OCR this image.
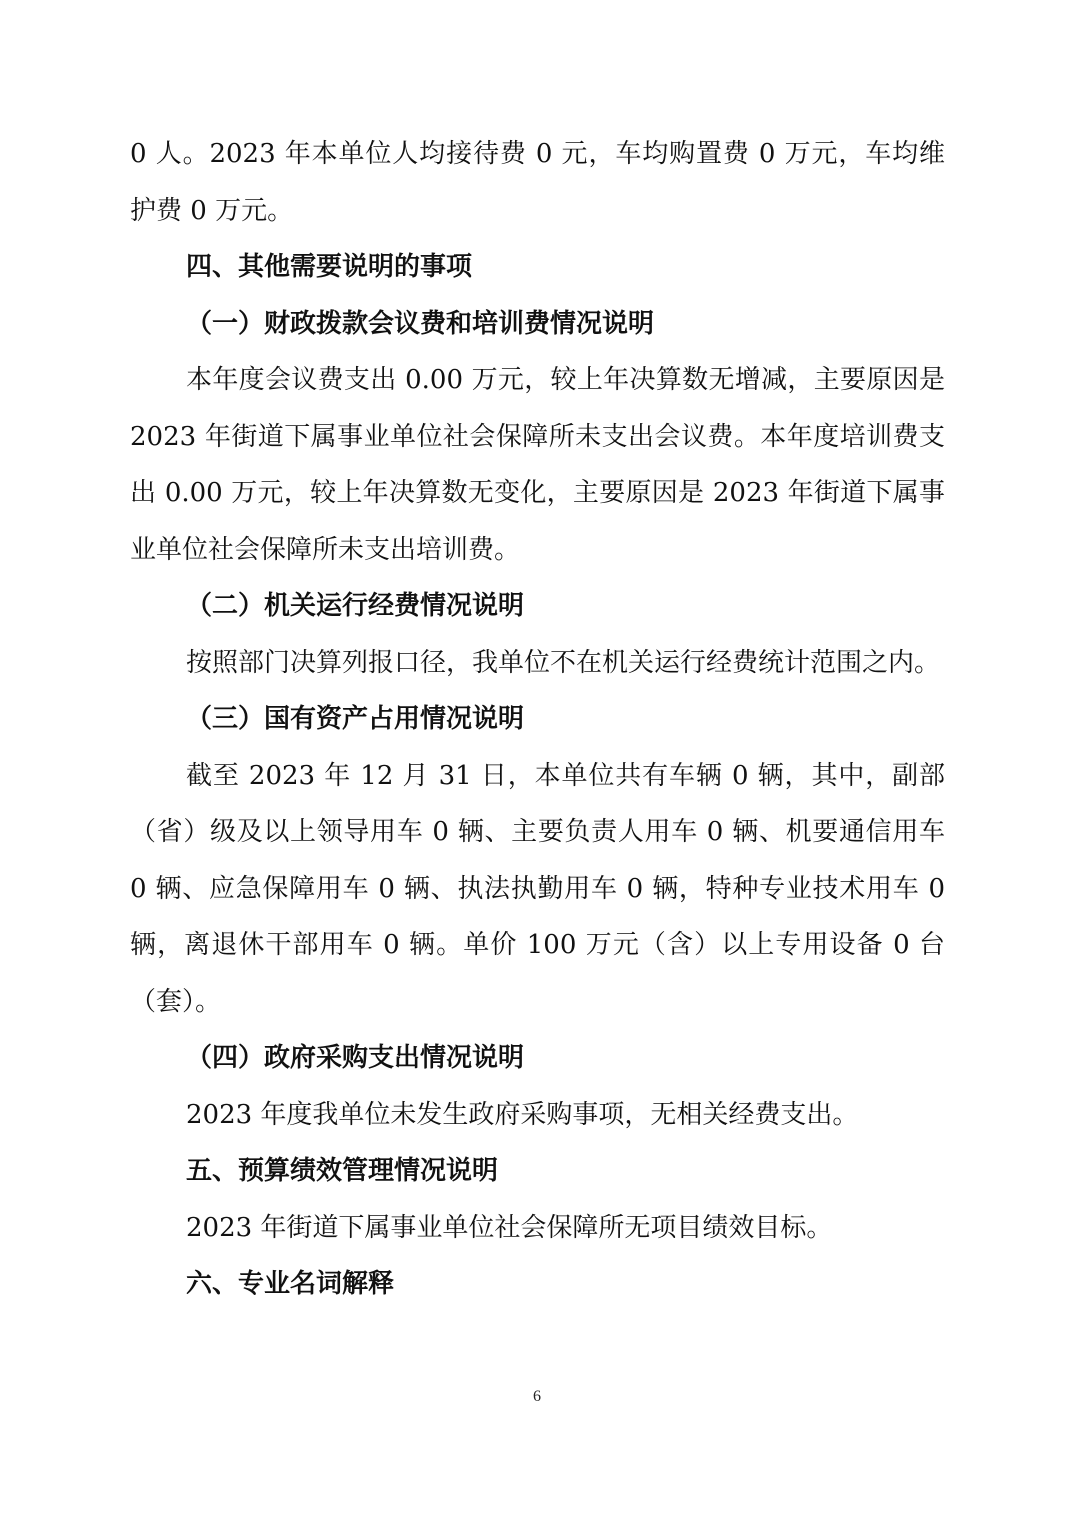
0 人。2023 年本单位人均接待费 0 元，车均购置费 0 万元，车均维护费 0 万元。

四、其他需要说明的事项

（一）财政拨款会议费和培训费情况说明

本年度会议费支出 0.00 万元，较上年决算数无增减，主要原因是 2023 年街道下属事业单位社会保障所未支出会议费。本年度培训费支出 0.00 万元，较上年决算数无变化，主要原因是 2023 年街道下属事业单位社会保障所未支出培训费。

（二）机关运行经费情况说明

按照部门决算列报口径，我单位不在机关运行经费统计范围之内。

（三）国有资产占用情况说明

截至 2023 年 12 月 31 日，本单位共有车辆 0 辆，其中，副部（省）级及以上领导用车 0 辆、主要负责人用车 0 辆、机要通信用车 0 辆、应急保障用车 0 辆、执法执勤用车 0 辆，特种专业技术用车 0 辆，离退休干部用车 0 辆。单价 100 万元（含）以上专用设备 0 台（套）。

（四）政府采购支出情况说明

2023 年度我单位未发生政府采购事项，无相关经费支出。

五、预算绩效管理情况说明

2023 年街道下属事业单位社会保障所无项目绩效目标。

六、专业名词解释

6
